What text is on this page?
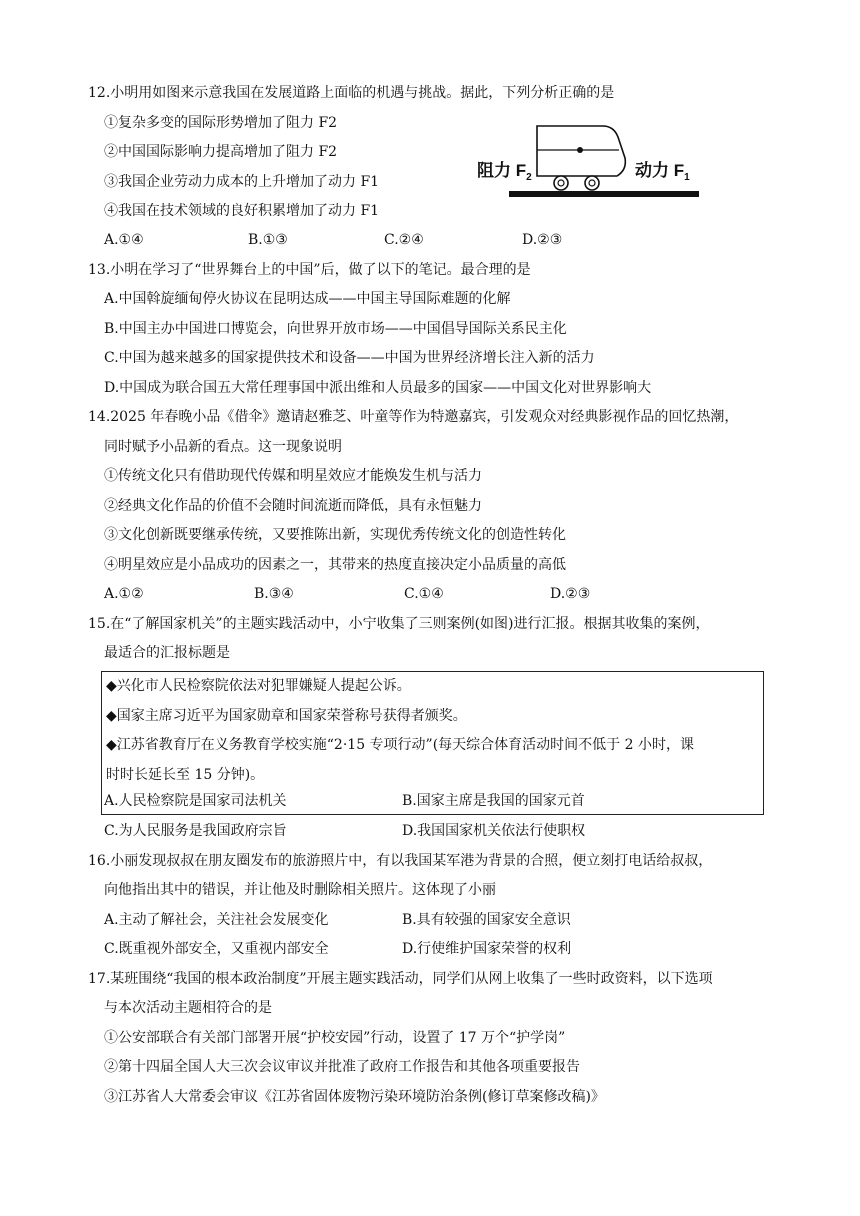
12.小明用如图来示意我国在发展道路上面临的机遇与挑战。据此，下列分析正确的是
①复杂多变的国际形势增加了阻力 F2
②中国国际影响力提高增加了阻力 F2
③我国企业劳动力成本的上升增加了动力 F1
④我国在技术领域的良好积累增加了动力 F1
A.①④	B.①③	C.②④	D.②③
阻力 $F_2$	动力 $F_1$
13.小明在学习了“世界舞台上的中国”后，做了以下的笔记。最合理的是
A.中国斡旋缅甸停火协议在昆明达成——中国主导国际难题的化解
B.中国主办中国进口博览会，向世界开放市场——中国倡导国际关系民主化
C.中国为越来越多的国家提供技术和设备——中国为世界经济增长注入新的活力
D.中国成为联合国五大常任理事国中派出维和人员最多的国家——中国文化对世界影响大
14.2025 年春晚小品《借伞》邀请赵雅芝、叶童等作为特邀嘉宾，引发观众对经典影视作品的回忆热潮，
同时赋予小品新的看点。这一现象说明
①传统文化只有借助现代传媒和明星效应才能焕发生机与活力
②经典文化作品的价值不会随时间流逝而降低，具有永恒魅力
③文化创新既要继承传统，又要推陈出新，实现优秀传统文化的创造性转化
④明星效应是小品成功的因素之一，其带来的热度直接决定小品质量的高低
A.①②	B.③④	C.①④	D.②③
15.在“了解国家机关”的主题实践活动中，小宁收集了三则案例(如图)进行汇报。根据其收集的案例，
最适合的汇报标题是
◆兴化市人民检察院依法对犯罪嫌疑人提起公诉。
◆国家主席习近平为国家勋章和国家荣誉称号获得者颁奖。
◆江苏省教育厅在义务教育学校实施“2·15 专项行动”(每天综合体育活动时间不低于 2 小时，课
时时长延长至 15 分钟)。
A.人民检察院是国家司法机关	B.国家主席是我国的国家元首
C.为人民服务是我国政府宗旨	D.我国国家机关依法行使职权
16.小丽发现叔叔在朋友圈发布的旅游照片中，有以我国某军港为背景的合照，便立刻打电话给叔叔，
向他指出其中的错误，并让他及时删除相关照片。这体现了小丽
A.主动了解社会，关注社会发展变化	B.具有较强的国家安全意识
C.既重视外部安全，又重视内部安全	D.行使维护国家荣誉的权利
17.某班围绕“我国的根本政治制度”开展主题实践活动，同学们从网上收集了一些时政资料，以下选项
与本次活动主题相符合的是
①公安部联合有关部门部署开展“护校安园”行动，设置了 17 万个“护学岗”
②第十四届全国人大三次会议审议并批准了政府工作报告和其他各项重要报告
③江苏省人大常委会审议《江苏省固体废物污染环境防治条例(修订草案修改稿)》
